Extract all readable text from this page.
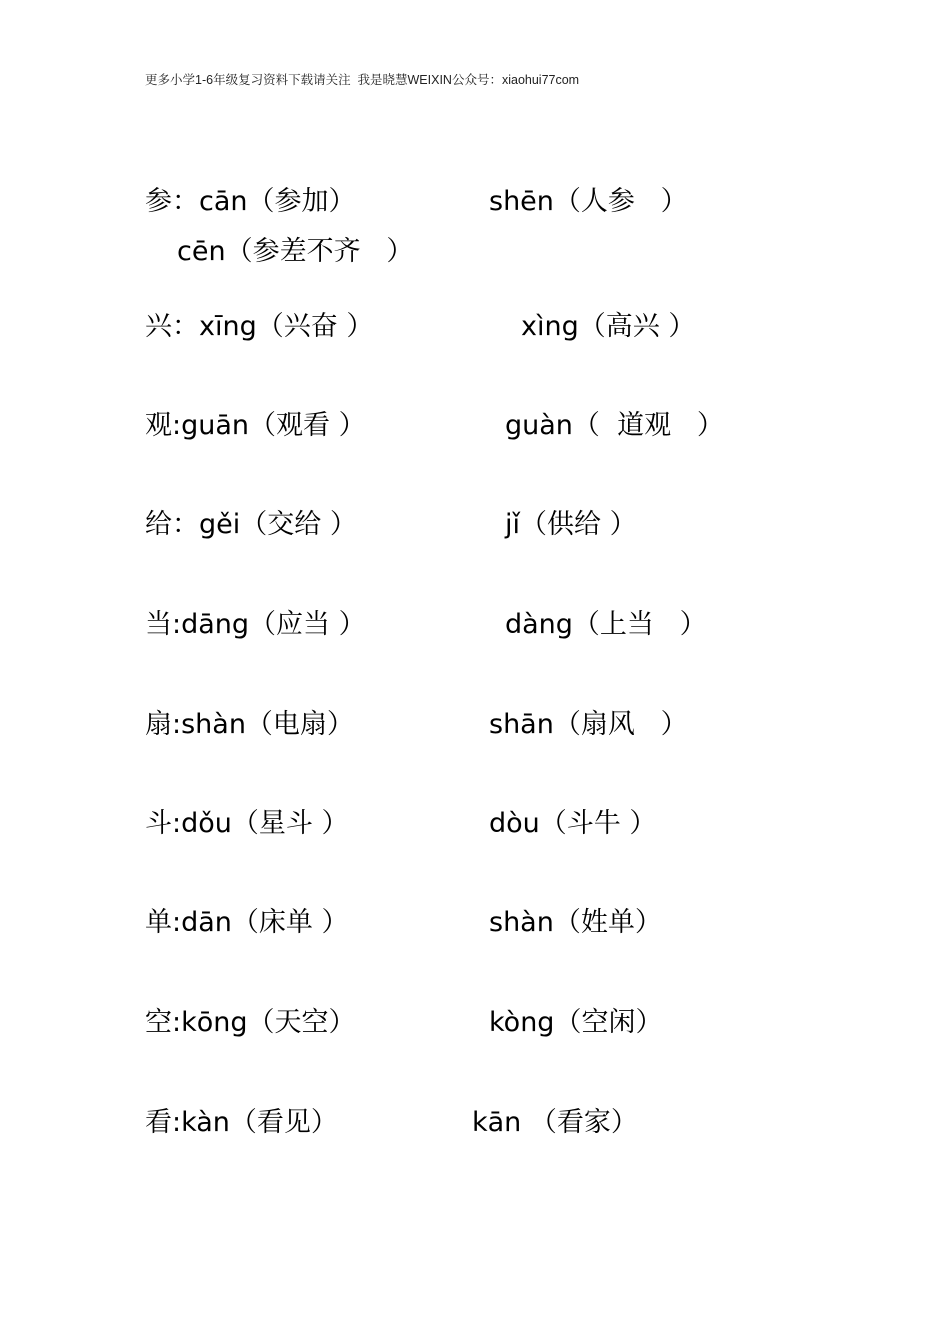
更多小学1-6年级复习资料下载请关注  我是晓慧WEIXIN公众号：xiaohui77com
参：cān（参加）	shēn（人参   ）
cēn（参差不齐   ）
兴：xīng（兴奋 ）	xìng（高兴 ）
观:guān（观看 ）	guàn（  道观   ）
给：gěi（交给 ）	jǐ（供给 ）
当:dāng（应当 ）	dàng（上当   ）
扇:shàn（电扇）	shān（扇风   ）
斗:dǒu（星斗 ）	dòu（斗牛 ）
单:dān（床单 ）	shàn（姓单）
空:kōng（天空）	kòng（空闲）
看:kàn（看见）	kān （看家）
